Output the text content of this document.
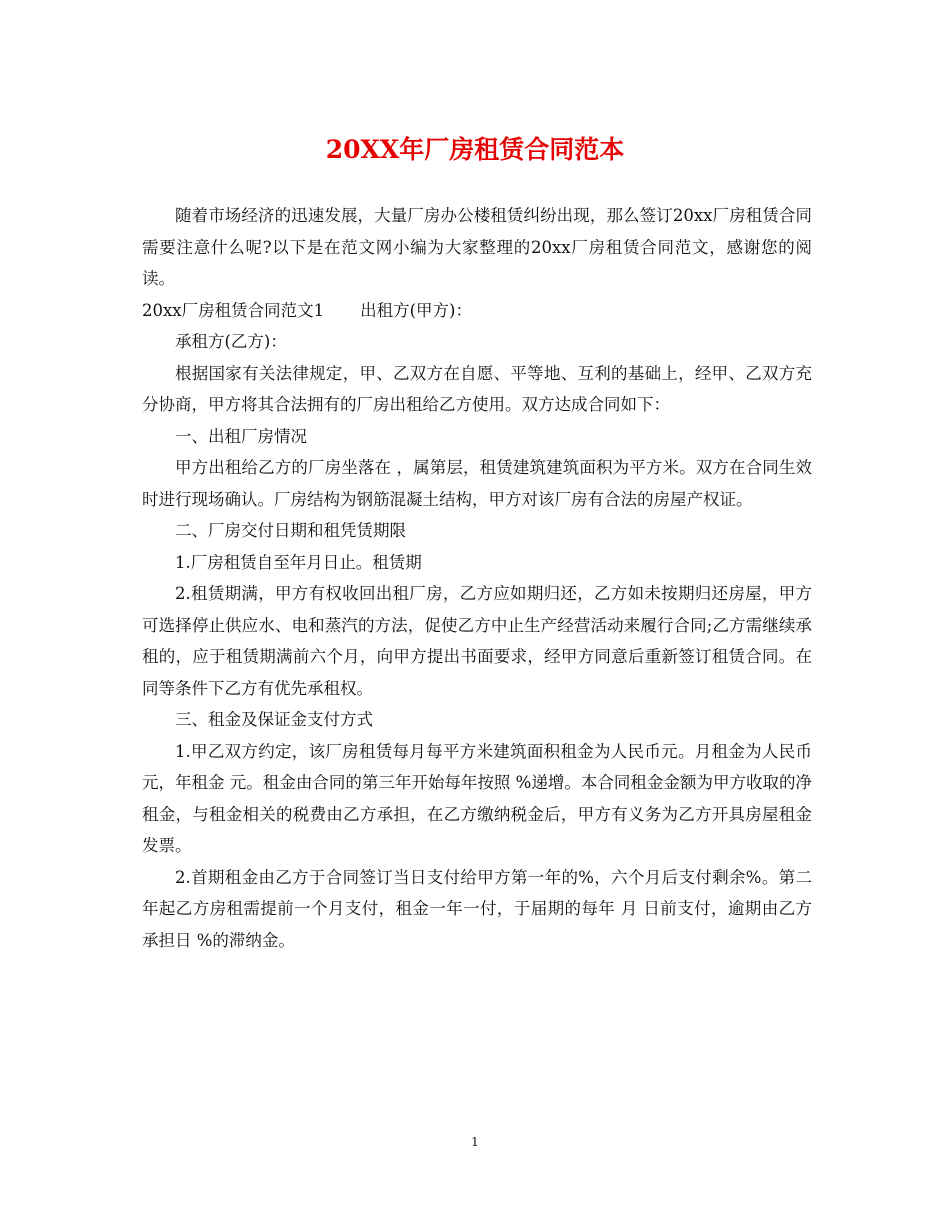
20XX年厂房租赁合同范本

随着市场经济的迅速发展，大量厂房办公楼租赁纠纷出现，那么签订20xx厂房租赁合同需要注意什么呢?以下是在范文网小编为大家整理的20xx厂房租赁合同范文，感谢您的阅读。

20xx厂房租赁合同范文1 出租方(甲方)：

承租方(乙方)：

根据国家有关法律规定，甲、乙双方在自愿、平等地、互利的基础上，经甲、乙双方充分协商，甲方将其合法拥有的厂房出租给乙方使用。双方达成合同如下：

一、出租厂房情况

甲方出租给乙方的厂房坐落在 ，属第层，租赁建筑建筑面积为平方米。双方在合同生效时进行现场确认。厂房结构为钢筋混凝土结构，甲方对该厂房有合法的房屋产权证。

二、厂房交付日期和租凭赁期限

1.厂房租赁自至年月日止。租赁期

2.租赁期满，甲方有权收回出租厂房，乙方应如期归还，乙方如未按期归还房屋，甲方可选择停止供应水、电和蒸汽的方法，促使乙方中止生产经营活动来履行合同;乙方需继续承租的，应于租赁期满前六个月，向甲方提出书面要求，经甲方同意后重新签订租赁合同。在同等条件下乙方有优先承租权。

三、租金及保证金支付方式

1.甲乙双方约定，该厂房租赁每月每平方米建筑面积租金为人民币元。月租金为人民币 元，年租金 元。租金由合同的第三年开始每年按照 %递增。本合同租金金额为甲方收取的净租金，与租金相关的税费由乙方承担，在乙方缴纳税金后，甲方有义务为乙方开具房屋租金发票。

2.首期租金由乙方于合同签订当日支付给甲方第一年的%，六个月后支付剩余%。第二年起乙方房租需提前一个月支付，租金一年一付，于届期的每年 月 日前支付，逾期由乙方承担日 %的滞纳金。

1
